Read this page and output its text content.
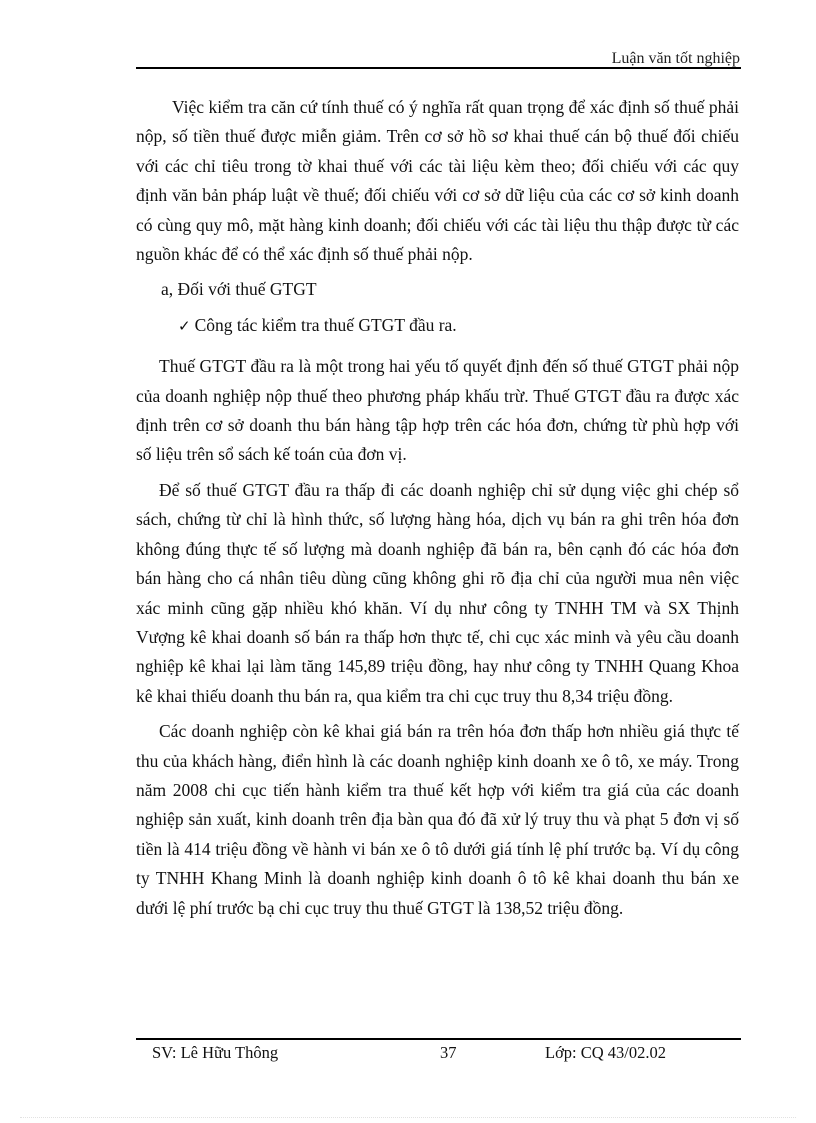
Luận văn tốt nghiệp

Việc kiểm tra căn cứ tính thuế có ý nghĩa rất quan trọng để xác định số thuế phải nộp, số tiền thuế được miễn giảm. Trên cơ sở hồ sơ khai thuế cán bộ thuế đối chiếu với các chỉ tiêu trong tờ khai thuế với các tài liệu kèm theo; đối chiếu với các quy định văn bản pháp luật về thuế; đối chiếu với cơ sở dữ liệu của các cơ sở kinh doanh có cùng quy mô, mặt hàng kinh doanh; đối chiếu với các tài liệu thu thập được từ các nguồn khác để có thể xác định số thuế phải nộp.

a, Đối với thuế GTGT

✓ Công tác kiểm tra thuế GTGT đầu ra.

Thuế GTGT đầu ra là một trong hai yếu tố quyết định đến số thuế GTGT phải nộp của doanh nghiệp nộp thuế theo phương pháp khấu trừ. Thuế GTGT đầu ra được xác định trên cơ sở doanh thu bán hàng tập hợp trên các hóa đơn, chứng từ phù hợp với số liệu trên sổ sách kế toán của đơn vị.

Để số thuế GTGT đầu ra thấp đi các doanh nghiệp chỉ sử dụng việc ghi chép sổ sách, chứng từ chỉ là hình thức, số lượng hàng hóa, dịch vụ bán ra ghi trên hóa đơn không đúng thực tế số lượng mà doanh nghiệp đã bán ra, bên cạnh đó các hóa đơn bán hàng cho cá nhân tiêu dùng cũng không ghi rõ địa chỉ của người mua nên việc xác minh cũng gặp nhiều khó khăn. Ví dụ như công ty TNHH TM và SX Thịnh Vượng kê khai doanh số bán ra thấp hơn thực tế, chi cục xác minh và yêu cầu doanh nghiệp kê khai lại làm tăng 145,89 triệu đồng, hay như công ty TNHH Quang Khoa kê khai thiếu doanh thu bán ra, qua kiểm tra chi cục truy thu 8,34 triệu đồng.

Các doanh nghiệp còn kê khai giá bán ra trên hóa đơn thấp hơn nhiều giá thực tế thu của khách hàng, điển hình là các doanh nghiệp kinh doanh xe ô tô, xe máy. Trong năm 2008 chi cục tiến hành kiểm tra thuế kết hợp với kiểm tra giá của các doanh nghiệp sản xuất, kinh doanh trên địa bàn qua đó đã xử lý truy thu và phạt 5 đơn vị số tiền là 414 triệu đồng về hành vi bán xe ô tô dưới giá tính lệ phí trước bạ. Ví dụ công ty TNHH Khang Minh là doanh nghiệp kinh doanh ô tô kê khai doanh thu bán xe dưới lệ phí trước bạ chi cục truy thu thuế GTGT là 138,52 triệu đồng.

SV: Lê Hữu Thông	37	Lớp: CQ 43/02.02
